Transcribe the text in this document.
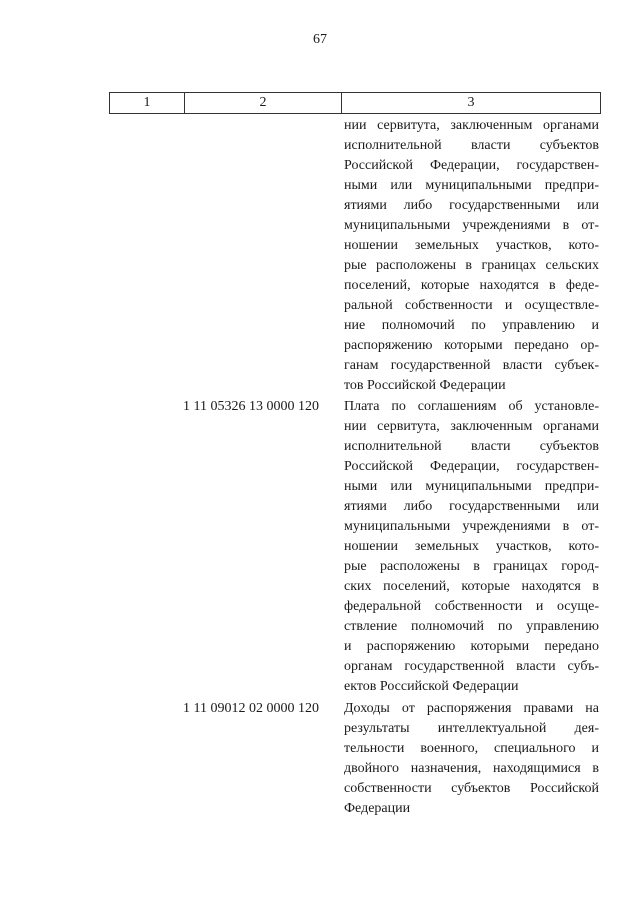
67
1	2	3
нии сервитута, заключенным органами
исполнительной власти субъектов
Российской Федерации, государствен-
ными или муниципальными предпри-
ятиями либо государственными или
муниципальными учреждениями в от-
ношении земельных участков, кото-
рые расположены в границах сельских
поселений, которые находятся в феде-
ральной собственности и осуществле-
ние полномочий по управлению и
распоряжению которыми передано ор-
ганам государственной власти субъек-
тов Российской Федерации
1 11 05326 13 0000 120	Плата по соглашениям об установле-
нии сервитута, заключенным органами
исполнительной власти субъектов
Российской Федерации, государствен-
ными или муниципальными предпри-
ятиями либо государственными или
муниципальными учреждениями в от-
ношении земельных участков, кото-
рые расположены в границах город-
ских поселений, которые находятся в
федеральной собственности и осуще-
ствление полномочий по управлению
и распоряжению которыми передано
органам государственной власти субъ-
ектов Российской Федерации
1 11 09012 02 0000 120	Доходы от распоряжения правами на
результаты интеллектуальной дея-
тельности военного, специального и
двойного назначения, находящимися в
собственности субъектов Российской
Федерации
